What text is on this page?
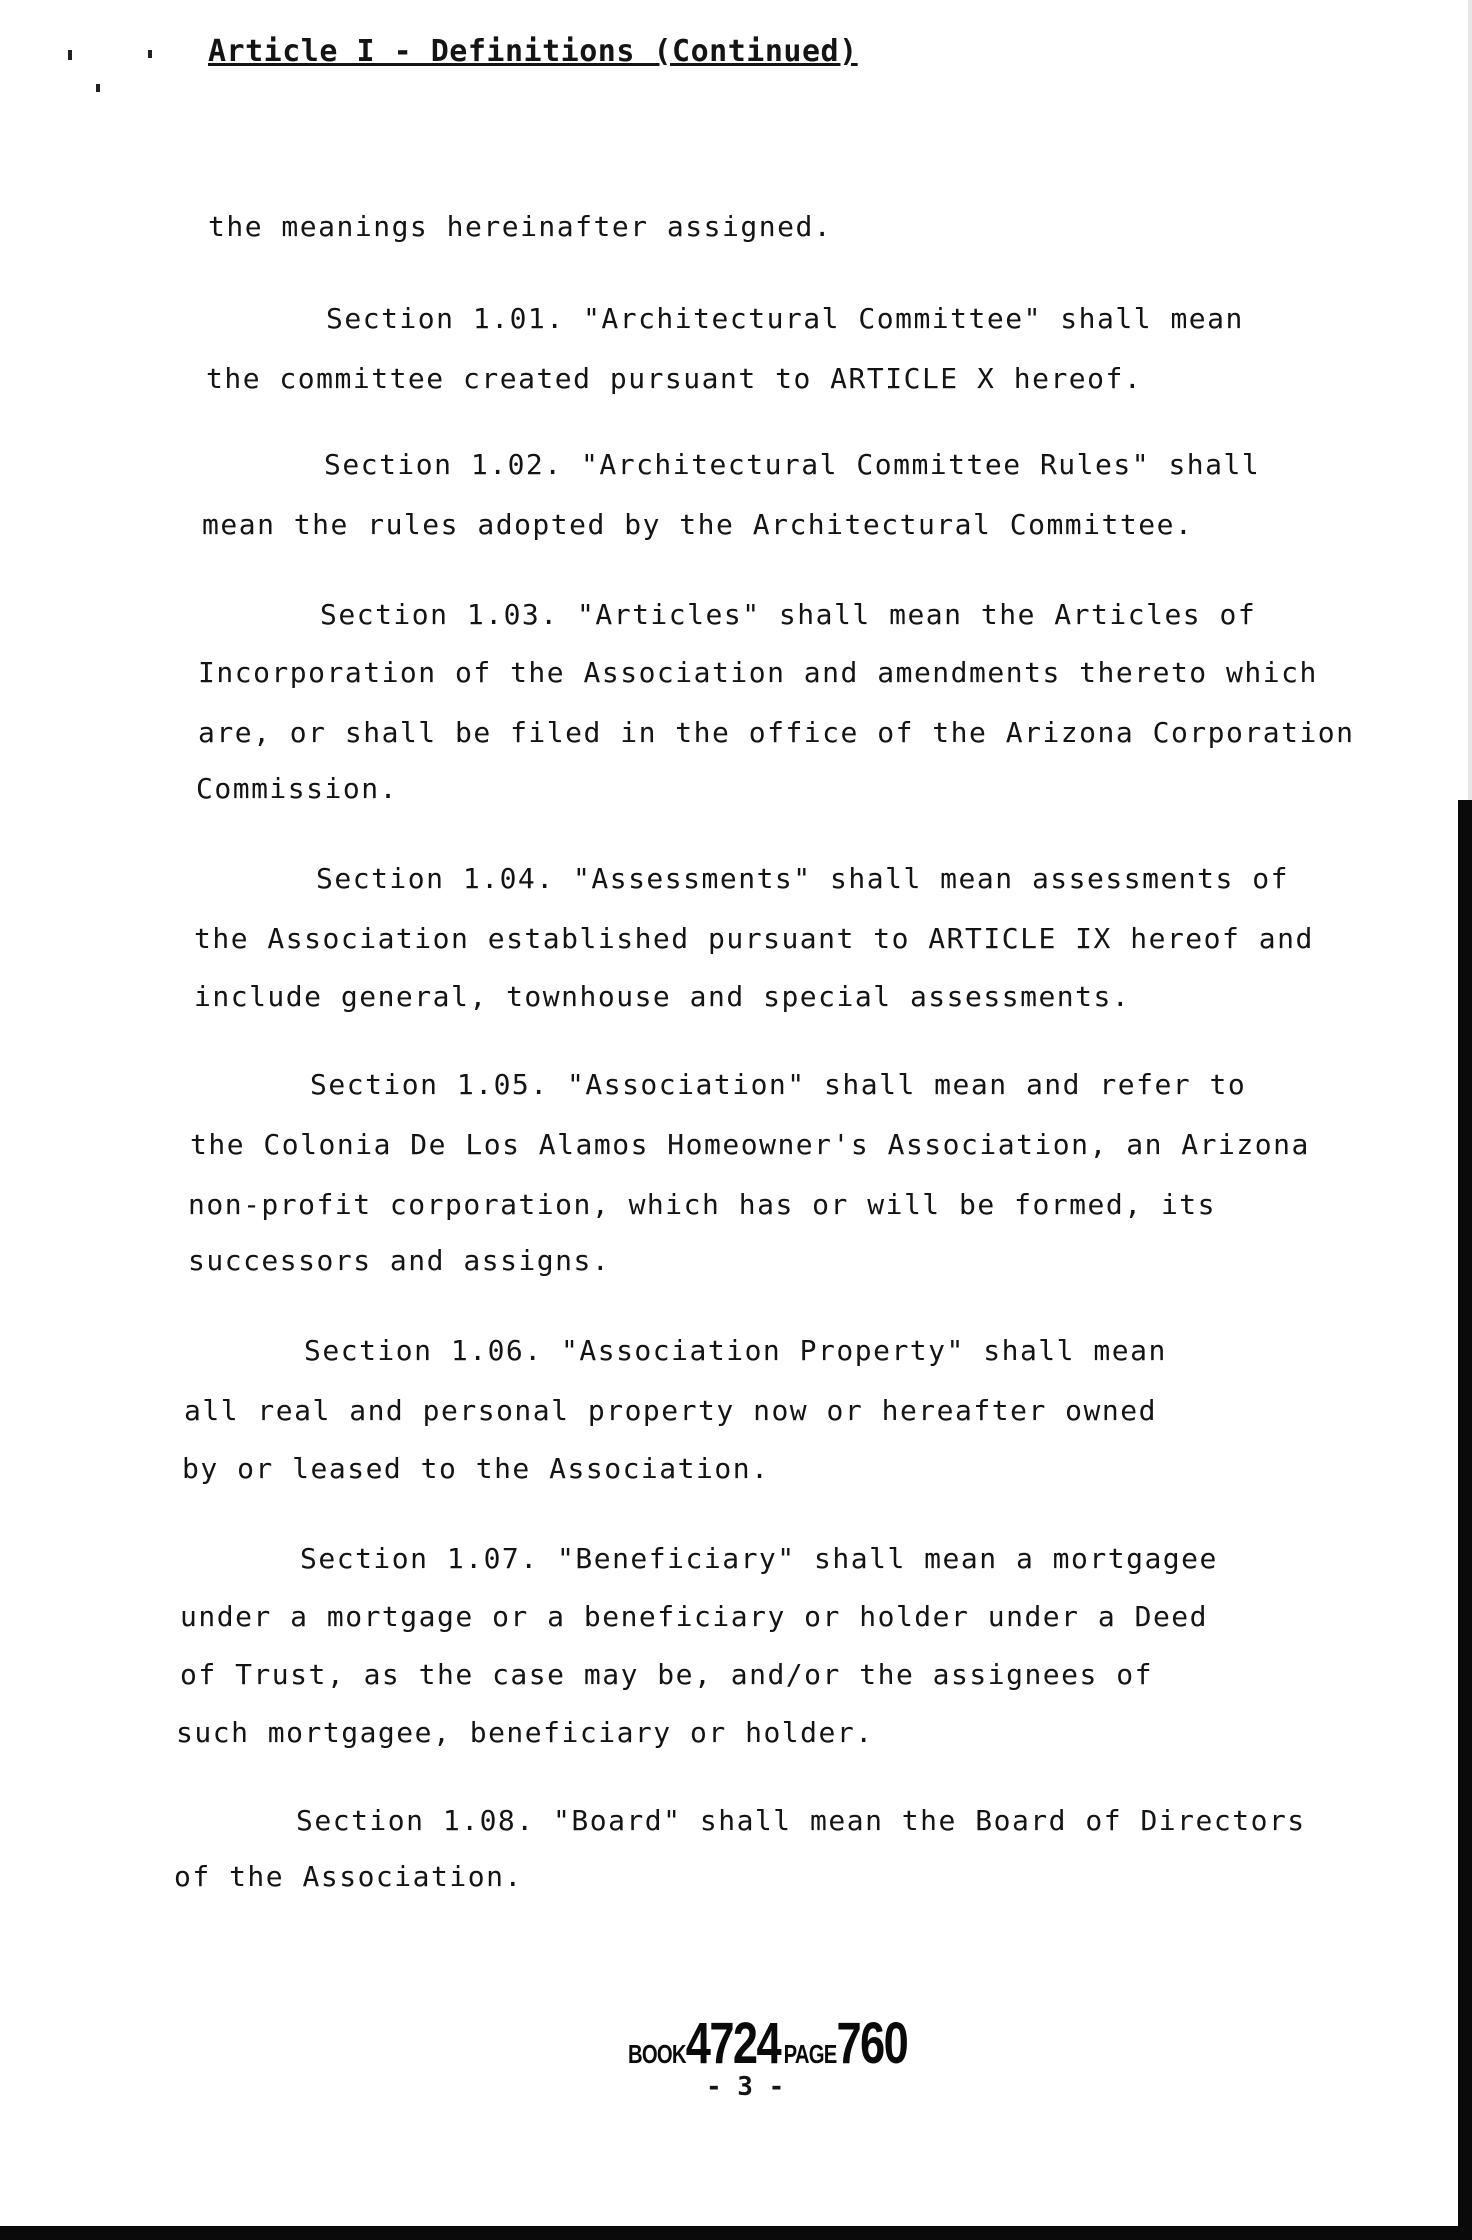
Article I - Definitions (Continued)
the meanings hereinafter assigned.
Section 1.01. "Architectural Committee" shall mean
the committee created pursuant to ARTICLE X hereof.
Section 1.02. "Architectural Committee Rules" shall
mean the rules adopted by the Architectural Committee.
Section 1.03. "Articles" shall mean the Articles of
Incorporation of the Association and amendments thereto which
are, or shall be filed in the office of the Arizona Corporation
Commission.
Section 1.04. "Assessments" shall mean assessments of
the Association established pursuant to ARTICLE IX hereof and
include general, townhouse and special assessments.
Section 1.05. "Association" shall mean and refer to
the Colonia De Los Alamos Homeowner's Association, an Arizona
non-profit corporation, which has or will be formed, its
successors and assigns.
Section 1.06. "Association Property" shall mean
all real and personal property now or hereafter owned
by or leased to the Association.
Section 1.07. "Beneficiary" shall mean a mortgagee
under a mortgage or a beneficiary or holder under a Deed
of Trust, as the case may be, and/or the assignees of
such mortgagee, beneficiary or holder.
Section 1.08. "Board" shall mean the Board of Directors
of the Association.
BOOK4724 PAGE760
- 3 -
